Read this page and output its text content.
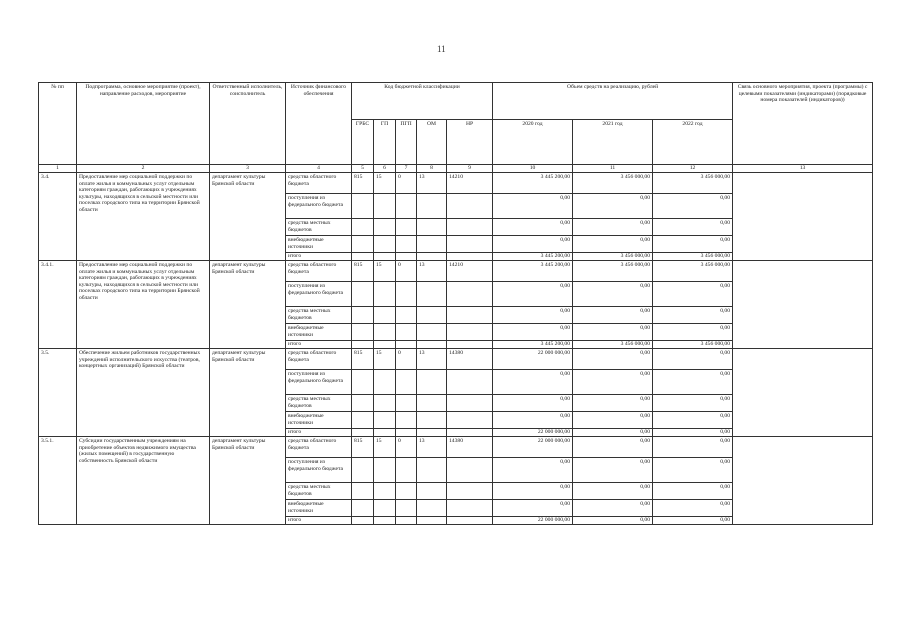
11
№ пп	Подпрограмма, основное мероприятие (проект), направление расходов, мероприятие	Ответственный исполнитель, соисполнитель	Источник финансового обеспечения	Код бюджетной классификации					Объем средств на реализацию, рублей			Связь основного мероприятия, проекта (программы) с целевыми показателями (индикаторами) (порядковые номера показателей (индикаторов))
				ГРБС	ГП	ПГП	ОМ	НР	2020 год	2021 год	2022 год	
1	2	3	4	5	6	7	8	9	10	11	12	13
3.4.	Предоставление мер социальной поддержки по оплате жилья и коммунальных услуг отдельным категориям граждан, работающих в учреждениях культуры, находящихся в сельской местности или поселках городского типа на территории Брянской области	департамент культуры Брянской области	средства областного бюджета	815	15	0	13	14210	3 445 200,00	3 456 000,00	3 456 000,00	
			поступления из федерального бюджета						0,00	0,00	0,00	
			средства местных бюджетов						0,00	0,00	0,00	
			внебюджетные источники						0,00	0,00	0,00	
			итого						3 445 200,00	3 456 000,00	3 456 000,00	
3.4.1.	Предоставление мер социальной поддержки по оплате жилья и коммунальных услуг отдельным категориям граждан, работающих в учреждениях культуры, находящихся в сельской местности или поселках городского типа на территории Брянской области	департамент культуры Брянской области	средства областного бюджета	815	15	0	13	14210	3 445 200,00	3 456 000,00	3 456 000,00	
			поступления из федерального бюджета						0,00	0,00	0,00	
			средства местных бюджетов						0,00	0,00	0,00	
			внебюджетные источники						0,00	0,00	0,00	
			итого						3 445 200,00	3 456 000,00	3 456 000,00	
3.5.	Обеспечение жильем работников государственных учреждений исполнительского искусства (театров, концертных организаций) Брянской области	департамент культуры Брянской области	средства областного бюджета	815	15	0	13	14380	22 000 000,00	0,00	0,00	
			поступления из федерального бюджета						0,00	0,00	0,00	
			средства местных бюджетов						0,00	0,00	0,00	
			внебюджетные источники						0,00	0,00	0,00	
			итого						22 000 000,00	0,00	0,00	
3.5.1.	Субсидии государственным учреждениям на приобретение объектов недвижимого имущества (жилых помещений) в государственную собственность Брянской области	департамент культуры Брянской области	средства областного бюджета	815	15	0	13	14380	22 000 000,00	0,00	0,00	
			поступления из федерального бюджета						0,00	0,00	0,00	
			средства местных бюджетов						0,00	0,00	0,00	
			внебюджетные источники						0,00	0,00	0,00	
			итого						22 000 000,00	0,00	0,00	
